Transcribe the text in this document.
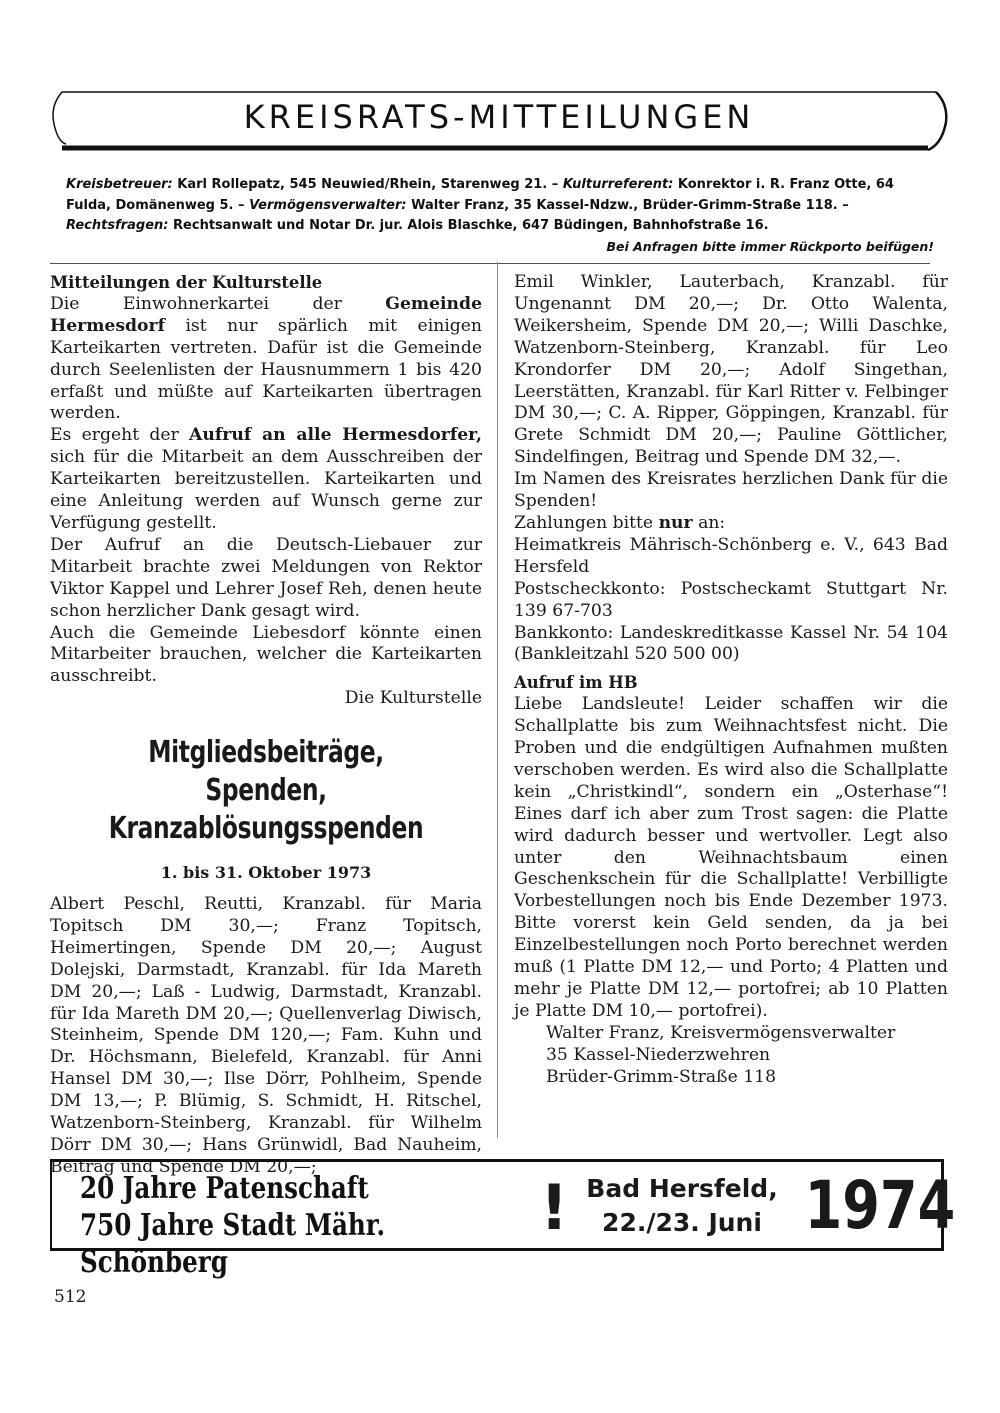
KREISRATS-MITTEILUNGEN
Kreisbetreuer: Karl Rollepatz, 545 Neuwied/Rhein, Starenweg 21. – Kulturreferent: Konrektor i. R. Franz Otte, 64 Fulda, Domänenweg 5. – Vermögensverwalter: Walter Franz, 35 Kassel-Ndzw., Brüder-Grimm-Straße 118. – Rechtsfragen: Rechtsanwalt und Notar Dr. jur. Alois Blaschke, 647 Büdingen, Bahnhofstraße 16.
Bei Anfragen bitte immer Rückporto beifügen!

Mitteilungen der Kulturstelle

Die Einwohnerkartei der	Gemeinde Hermesdorf ist nur spärlich mit einigen Karteikarten vertreten. Dafür ist die Gemeinde durch Seelenlisten der Hausnummern 1 bis 420 erfaßt und müßte auf Karteikarten übertragen werden.

Es ergeht der Aufruf an alle Hermesdorfer, sich für die Mitarbeit an dem Ausschreiben der Karteikarten bereitzustellen. Karteikarten und eine Anleitung werden auf Wunsch gerne zur Verfügung gestellt.

Der Aufruf an die Deutsch-Liebauer zur Mitarbeit brachte zwei Meldungen von Rektor Viktor Kappel und Lehrer Josef Reh, denen heute schon herzlicher Dank gesagt wird.

Auch die Gemeinde Liebesdorf könnte einen Mitarbeiter brauchen, welcher die Karteikarten ausschreibt.

Die Kulturstelle

Mitgliedsbeiträge, Spenden,
Kranzablösungsspenden

1. bis 31. Oktober 1973

Albert Peschl, Reutti, Kranzabl. für Maria Topitsch DM 30,—; Franz Topitsch, Heimertingen, Spende DM 20,—; August Dolejski, Darmstadt, Kranzabl. für Ida Mareth DM 20,—; Laß - Ludwig, Darmstadt, Kranzabl. für Ida Mareth DM 20,—; Quellenverlag Diwisch, Steinheim, Spende DM 120,—; Fam. Kuhn und Dr. Höchsmann, Bielefeld, Kranzabl. für Anni Hansel DM 30,—; Ilse Dörr, Pohlheim, Spende DM 13,—; P. Blümig, S. Schmidt, H. Ritschel, Watzenborn-Steinberg, Kranzabl. für Wilhelm Dörr DM 30,—; Hans Grünwidl, Bad Nauheim, Beitrag und Spende DM 20,—;

Emil Winkler, Lauterbach, Kranzabl. für Ungenannt DM 20,—; Dr. Otto Walenta, Weikersheim, Spende DM 20,—; Willi Daschke, Watzenborn-Steinberg, Kranzabl. für Leo Krondorfer DM 20,—; Adolf Singethan, Leerstätten, Kranzabl. für Karl Ritter v. Felbinger DM 30,—; C. A. Ripper, Göppingen, Kranzabl. für Grete Schmidt DM 20,—; Pauline Göttlicher, Sindelfingen, Beitrag und Spende DM 32,—.

Im Namen des Kreisrates herzlichen Dank für die Spenden!

Zahlungen bitte nur an:

Heimatkreis Mährisch-Schönberg e. V., 643 Bad Hersfeld

Postscheckkonto: Postscheckamt Stuttgart Nr. 139 67-703

Bankkonto: Landeskreditkasse Kassel Nr. 54 104 (Bankleitzahl 520 500 00)

Aufruf im HB

Liebe Landsleute! Leider schaffen wir die Schallplatte bis zum Weihnachtsfest nicht. Die Proben und die endgültigen Aufnahmen mußten verschoben werden. Es wird also die Schallplatte kein „Christkindl“, sondern ein „Osterhase“! Eines darf ich aber zum Trost sagen: die Platte wird dadurch besser und wertvoller. Legt also unter den Weihnachtsbaum einen Geschenkschein für die Schallplatte! Verbilligte Vorbestellungen noch bis Ende Dezember 1973. Bitte vorerst kein Geld senden, da ja bei Einzelbestellungen noch Porto berechnet werden muß (1 Platte DM 12,— und Porto; 4 Platten und mehr je Platte DM 12,— portofrei; ab 10 Platten je Platte DM 10,— portofrei).

Walter Franz, Kreisvermögensverwalter

35 Kassel-Niederzwehren

Brüder-Grimm-Straße 118

20 Jahre Patenschaft
750 Jahre Stadt Mähr. Schönberg
! Bad Hersfeld,
22./23. Juni 1974
512
